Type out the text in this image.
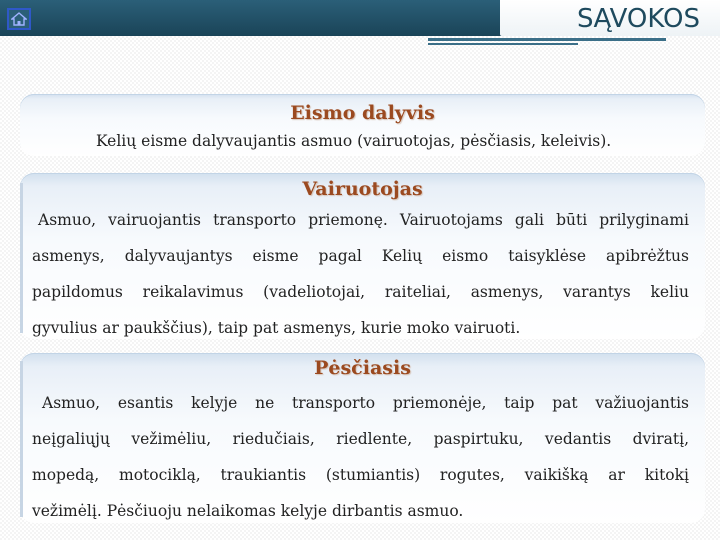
SĄVOKOS
Eismo dalyvis
Kelių eisme dalyvaujantis asmuo (vairuotojas, pėsčiasis, keleivis).
Vairuotojas
Asmuo, vairuojantis transporto priemonę. Vairuotojams gali būti prilyginami
asmenys, dalyvaujantys eisme pagal Kelių eismo taisyklėse apibrėžtus
papildomus reikalavimus (vadeliotojai, raiteliai, asmenys, varantys keliu
gyvulius ar paukščius), taip pat asmenys, kurie moko vairuoti.
Pėsčiasis
Asmuo, esantis kelyje ne transporto priemonėje, taip pat važiuojantis
neįgaliųjų vežimėliu, riedučiais, riedlente, paspirtuku, vedantis dviratį,
mopedą, motociklą, traukiantis (stumiantis) rogutes, vaikišką ar kitokį
vežimėlį. Pėsčiuoju nelaikomas kelyje dirbantis asmuo.
